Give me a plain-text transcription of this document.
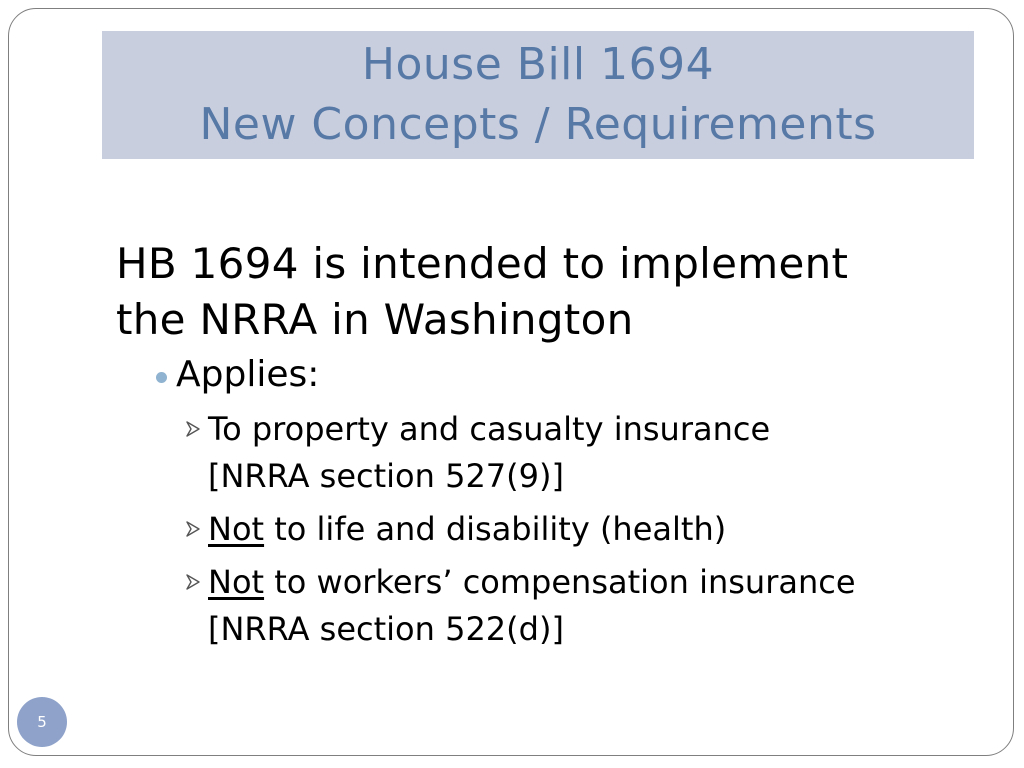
House Bill 1694
New Concepts / Requirements
HB 1694 is intended to implement
the NRRA in Washington
Applies:
To property and casualty insurance
[NRRA section 527(9)]
Not to life and disability (health)
Not to workers’ compensation insurance
[NRRA section 522(d)]
5
